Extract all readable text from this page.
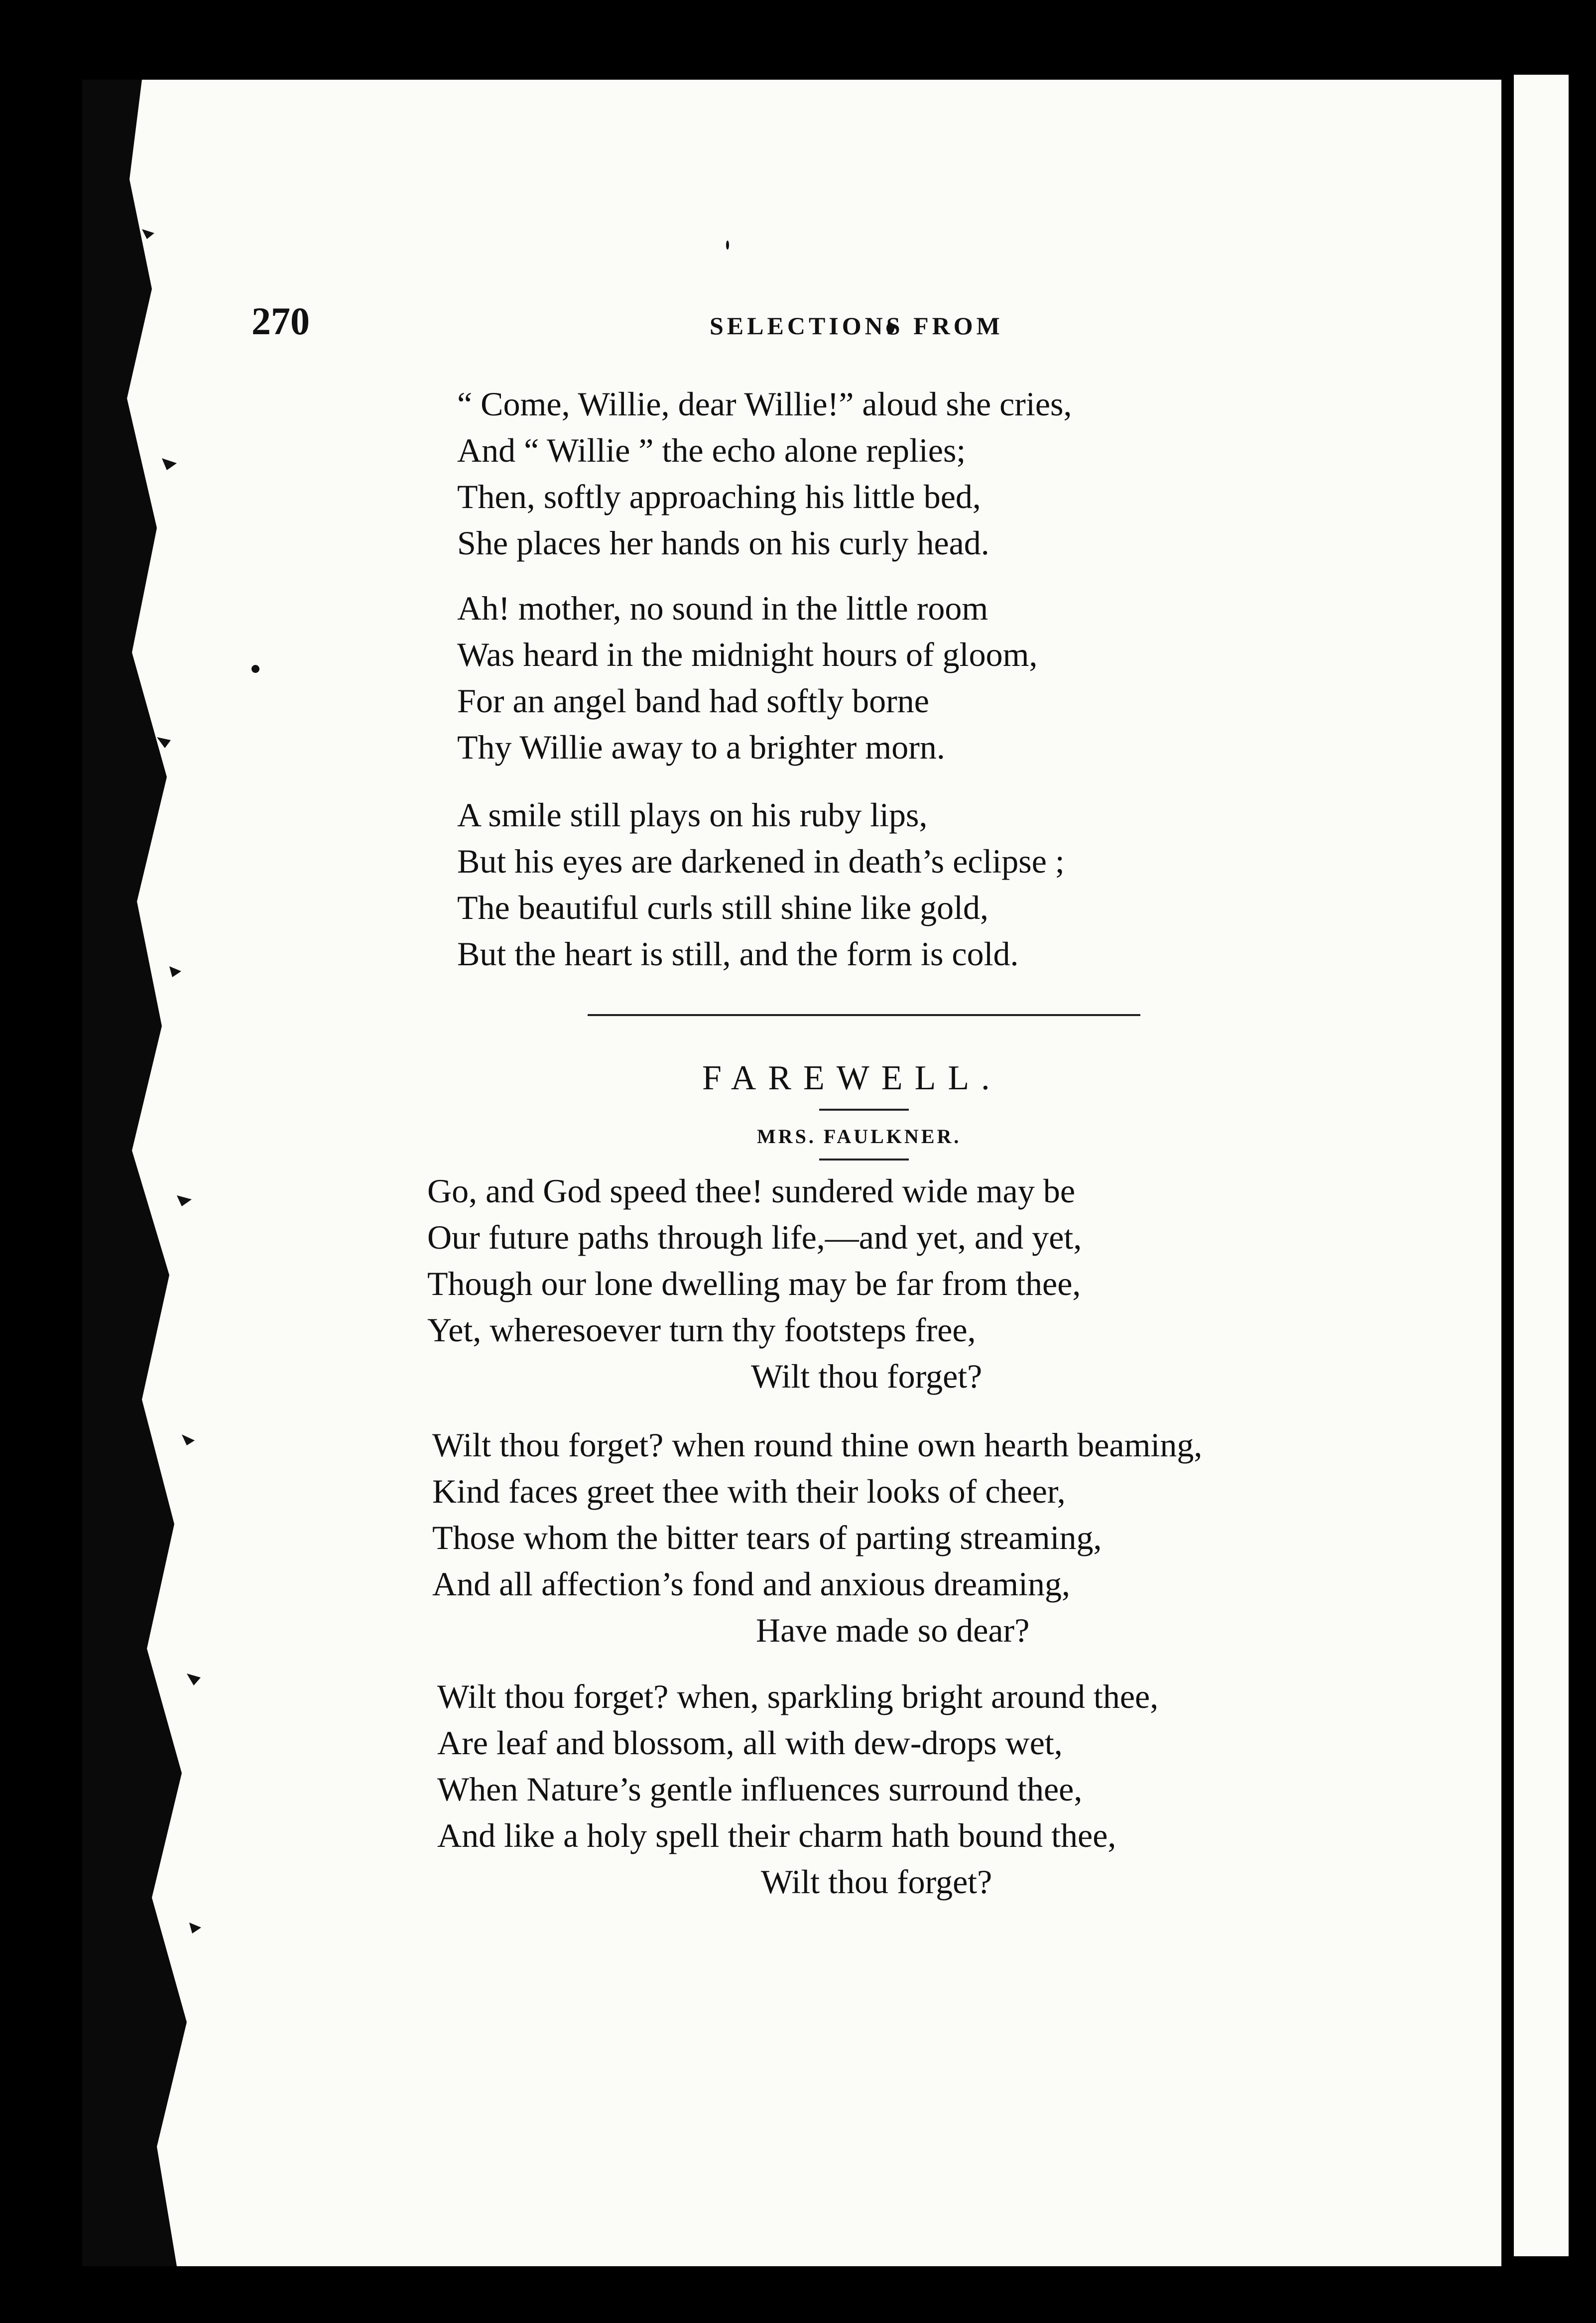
270	SELECTIONS FROM
“ Come, Willie, dear Willie!” aloud she cries,
And “ Willie ” the echo alone replies;
Then, softly approaching his little bed,
She places her hands on his curly head.
Ah! mother, no sound in the little room
Was heard in the midnight hours of gloom,
For an angel band had softly borne
Thy Willie away to a brighter morn.
A smile still plays on his ruby lips,
But his eyes are darkened in death’s eclipse ;
The beautiful curls still shine like gold,
But the heart is still, and the form is cold.
FAREWELL.
MRS. FAULKNER.
Go, and God speed thee! sundered wide may be
Our future paths through life,—and yet, and yet,
Though our lone dwelling may be far from thee,
Yet, wheresoever turn thy footsteps free,
Wilt thou forget?
Wilt thou forget? when round thine own hearth beaming,
Kind faces greet thee with their looks of cheer,
Those whom the bitter tears of parting streaming,
And all affection’s fond and anxious dreaming,
Have made so dear?
Wilt thou forget? when, sparkling bright around thee,
Are leaf and blossom, all with dew-drops wet,
When Nature’s gentle influences surround thee,
And like a holy spell their charm hath bound thee,
Wilt thou forget?
